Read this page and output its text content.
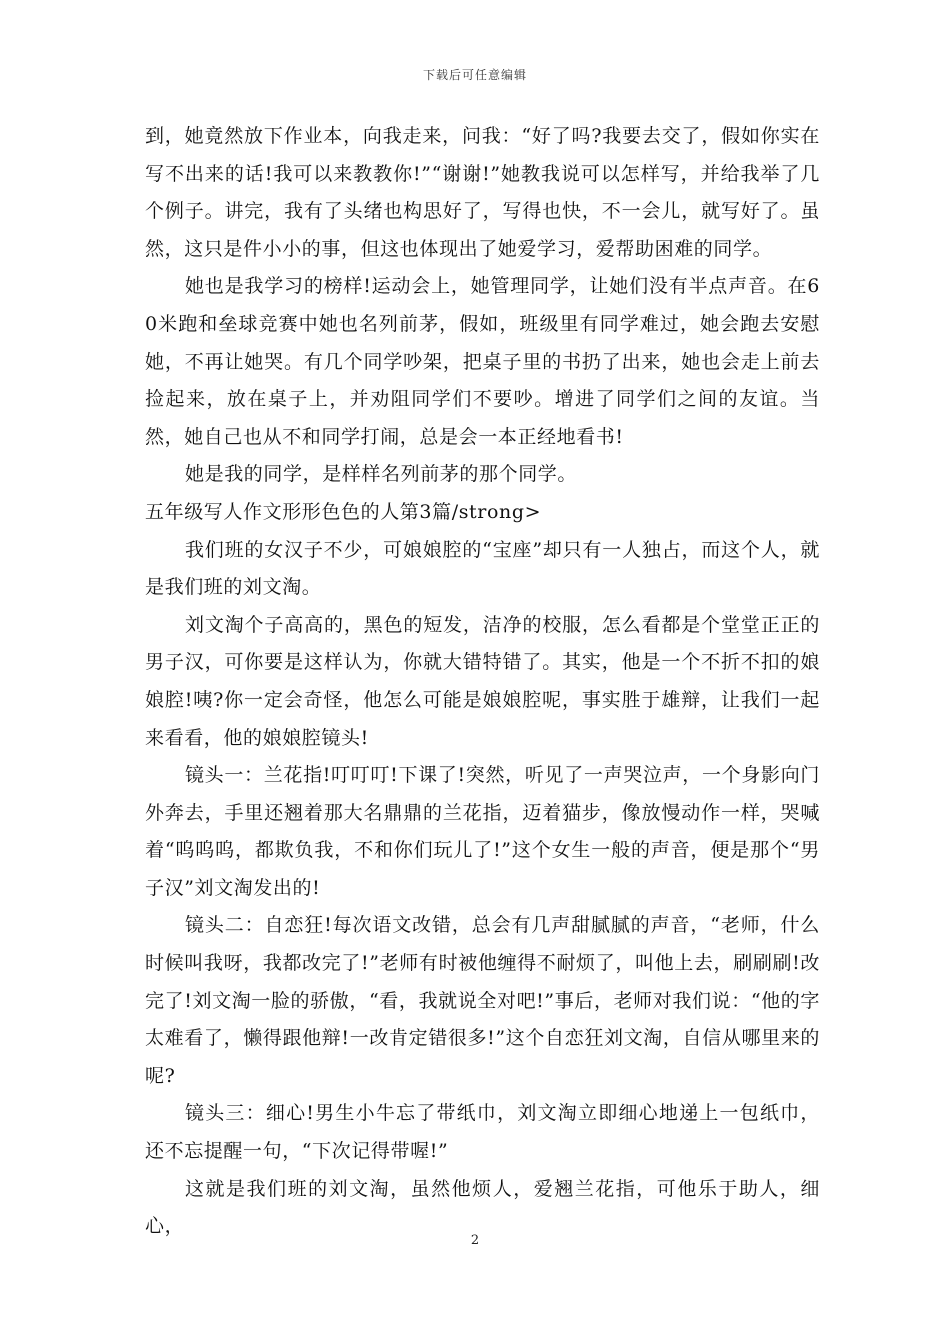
下载后可任意编辑

到，她竟然放下作业本，向我走来，问我：“好了吗?我要去交了，假如你实在写不出来的话!我可以来教教你!”“谢谢!”她教我说可以怎样写，并给我举了几个例子。讲完，我有了头绪也构思好了，写得也快，不一会儿，就写好了。虽然，这只是件小小的事，但这也体现出了她爱学习，爱帮助困难的同学。

她也是我学习的榜样!运动会上，她管理同学，让她们没有半点声音。在60米跑和垒球竞赛中她也名列前茅，假如，班级里有同学难过，她会跑去安慰她，不再让她哭。有几个同学吵架，把桌子里的书扔了出来，她也会走上前去捡起来，放在桌子上，并劝阻同学们不要吵。增进了同学们之间的友谊。当然，她自己也从不和同学打闹，总是会一本正经地看书!

她是我的同学，是样样名列前茅的那个同学。

五年级写人作文形形色色的人第3篇/strong>

我们班的女汉子不少，可娘娘腔的“宝座”却只有一人独占，而这个人，就是我们班的刘文淘。

刘文淘个子高高的，黑色的短发，洁净的校服，怎么看都是个堂堂正正的男子汉，可你要是这样认为，你就大错特错了。其实，他是一个不折不扣的娘娘腔!咦?你一定会奇怪，他怎么可能是娘娘腔呢，事实胜于雄辩，让我们一起来看看，他的娘娘腔镜头!

镜头一：兰花指!叮叮叮!下课了!突然，听见了一声哭泣声，一个身影向门外奔去，手里还翘着那大名鼎鼎的兰花指，迈着猫步，像放慢动作一样，哭喊着“呜呜呜，都欺负我，不和你们玩儿了!”这个女生一般的声音，便是那个“男子汉”刘文淘发出的!

镜头二：自恋狂!每次语文改错，总会有几声甜腻腻的声音，“老师，什么时候叫我呀，我都改完了!”老师有时被他缠得不耐烦了，叫他上去，刷刷刷!改完了!刘文淘一脸的骄傲，“看，我就说全对吧!”事后，老师对我们说：“他的字太难看了，懒得跟他辩!一改肯定错很多!”这个自恋狂刘文淘，自信从哪里来的呢?

镜头三：细心!男生小牛忘了带纸巾，刘文淘立即细心地递上一包纸巾，还不忘提醒一句，“下次记得带喔!”

这就是我们班的刘文淘，虽然他烦人，爱翘兰花指，可他乐于助人，细心，

2
